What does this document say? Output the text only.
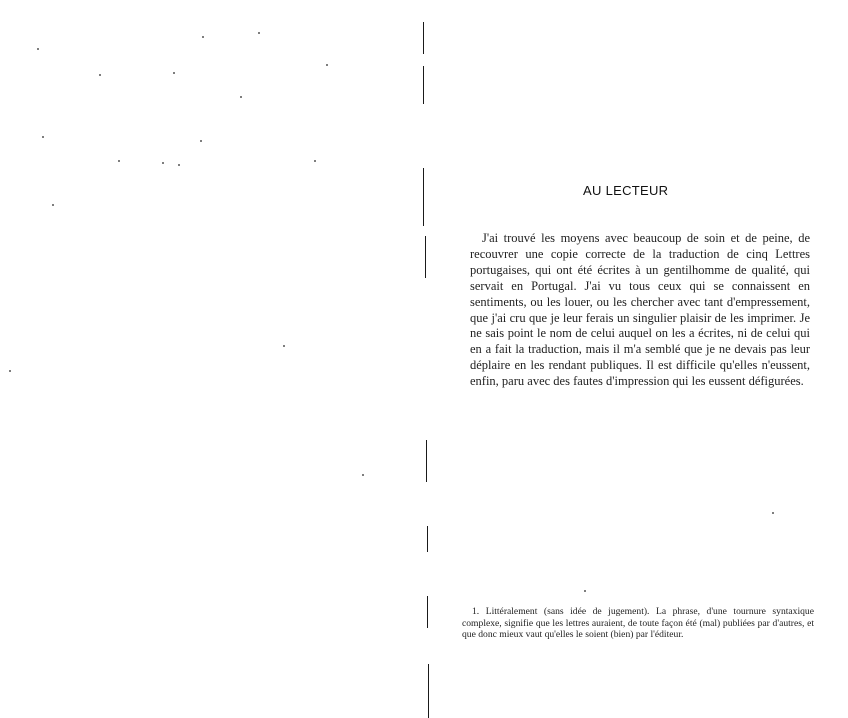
AU LECTEUR

J'ai trouvé les moyens avec beaucoup de soin et de peine, de recouvrer une copie correcte de la traduction de cinq Lettres portugaises, qui ont été écrites à un gentilhomme de qualité, qui servait en Portugal. J'ai vu tous ceux qui se connaissent en sentiments, ou les louer, ou les chercher avec tant d'empressement, que j'ai cru que je leur ferais un singulier plaisir de les imprimer. Je ne sais point le nom de celui auquel on les a écrites, ni de celui qui en a fait la traduction, mais il m'a semblé que je ne devais pas leur déplaire en les rendant publiques. Il est difficile qu'elles n'eussent, enfin, paru avec des fautes d'impression qui les eussent défigurées.

1. Littéralement (sans idée de jugement). La phrase, d'une tournure syntaxique complexe, signifie que les lettres auraient, de toute façon été (mal) publiées par d'autres, et que donc mieux vaut qu'elles le soient (bien) par l'éditeur.
